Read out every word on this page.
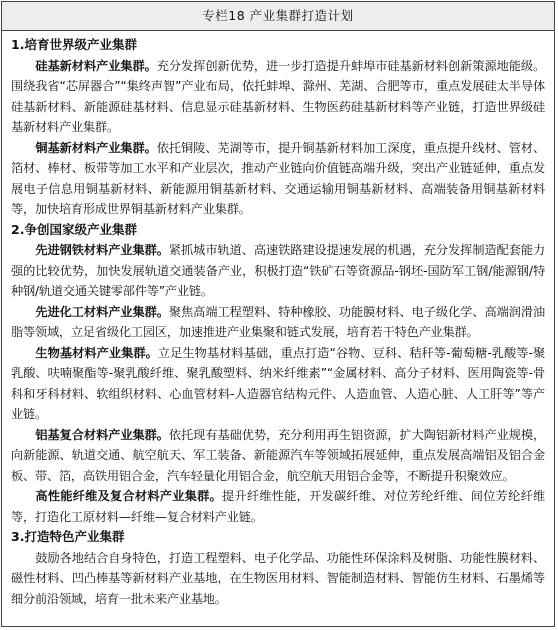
专栏18 产业集群打造计划

1.培育世界级产业集群

硅基新材料产业集群。充分发挥创新优势，进一步打造提升蚌埠市硅基新材料创新策源地能级。围绕我省“芯屏器合”“集终声智”产业布局，依托蚌埠、滁州、芜湖、合肥等市，重点发展硅太半导体硅基新材料、新能源硅基材料、信息显示硅基新材料、生物医药硅基新材料等产业链，打造世界级硅基新材料产业集群。

铜基新材料产业集群。依托铜陵、芜湖等市，提升铜基新材料加工深度，重点提升线材、管材、箔材、棒材、板带等加工水平和产业层次，推动产业链向价值链高端升级，突出产业链延伸，重点发展电子信息用铜基新材料、新能源用铜基新材料、交通运输用铜基新材料、高端装备用铜基新材料等，加快培育形成世界铜基新材料产业集群。

2.争创国家级产业集群

先进钢铁材料产业集群。紧抓城市轨道、高速铁路建设提速发展的机遇，充分发挥制造配套能力强的比较优势，加快发展轨道交通装备产业，积极打造“铁矿石等资源品-钢坯-国防军工钢/能源钢/特种钢/轨道交通关键零部件等”产业链。

先进化工材料产业集群。聚焦高端工程塑料、特种橡胶、功能膜材料、电子级化学、高端润滑油脂等领域，立足省级化工园区，加速推进产业集聚和链式发展，培育若干特色产业集群。

生物基材料产业集群。立足生物基材料基础，重点打造“谷物、豆科、秸秆等-葡萄糖-乳酸等-聚乳酸、呋喃聚酯等-聚乳酸纤维、聚乳酸塑料、纳米纤维素”“金属材料、高分子材料、医用陶瓷等-骨科和牙科材料、软组织材料、心血管材料-人造器官结构元件、人造血管、人造心脏、人工肝等”等产业链。

铝基复合材料产业集群。依托现有基础优势，充分利用再生铝资源，扩大陶铝新材料产业规模，向新能源、轨道交通、航空航天、军工装备、新能源汽车等领域拓展延伸，重点发展高端铝及铝合金板、带、箔，高铁用铝合金，汽车轻量化用铝合金，航空航天用铝合金等，不断提升积聚效应。

高性能纤维及复合材料产业集群。提升纤维性能，开发碳纤维、对位芳纶纤维、间位芳纶纤维等，打造化工原材料—纤维—复合材料产业链。

3.打造特色产业集群

鼓励各地结合自身特色，打造工程塑料、电子化学品、功能性环保涂料及树脂、功能性膜材料、磁性材料、凹凸棒基等新材料产业基地，在生物医用材料、智能制造材料、智能仿生材料、石墨烯等细分前沿领域，培育一批未来产业基地。
